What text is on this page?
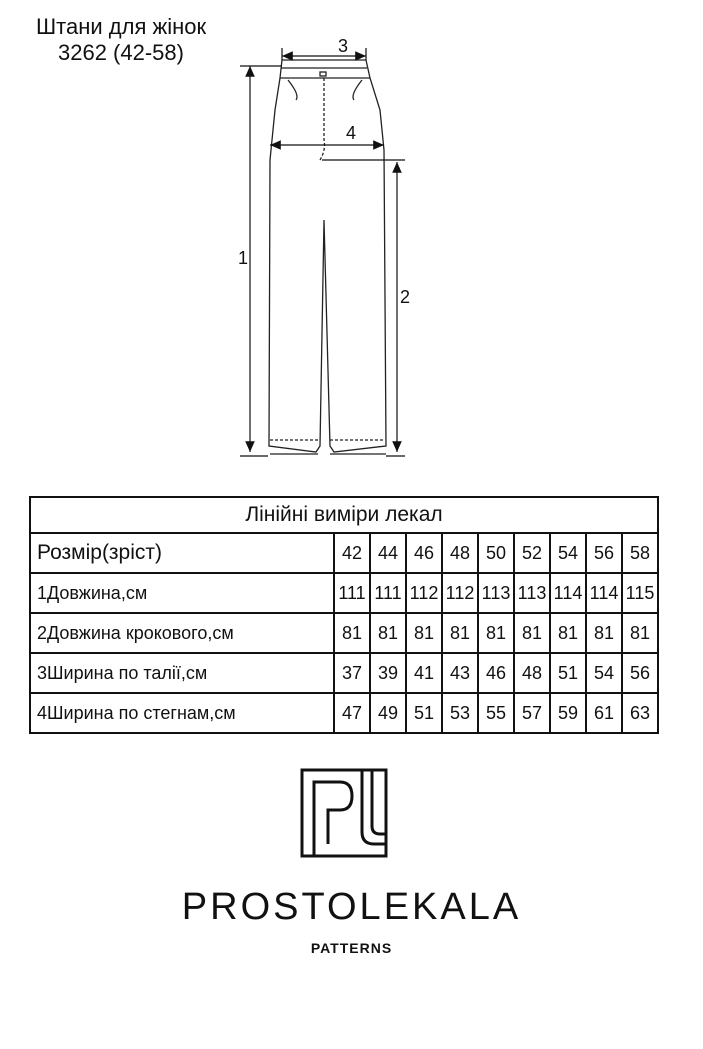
Штани для жінок
3262 (42-58)
1
2
3
4
Лінійні виміри лекал									
Розмір(зріст)	42	44	46	48	50	52	54	56	58
1Довжина,см	111	111	112	112	113	113	114	114	115
2Довжина крокового,см	81	81	81	81	81	81	81	81	81
3Ширина по талії,см	37	39	41	43	46	48	51	54	56
4Ширина по стегнам,см	47	49	51	53	55	57	59	61	63
PROSTOLEKALA
PATTERNS
